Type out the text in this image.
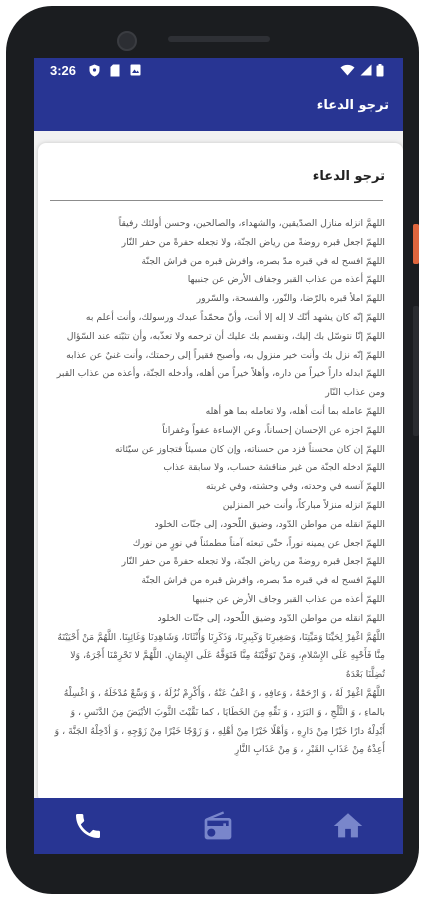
3:26
ترجو الدعاء
ترجو الدعاء

اللهمَّ انزله منازل الصدّيقين، والشهداء، والصالحين، وحسن أولئك رفيقاً

اللهمّ اجعل قبره روضةً من رياض الجنّة، ولا تجعله حفرةً من حفر النّار

اللهمّ افسح له في قبره مدّ بصره، وافرش قبره من فراش الجنّة

اللهمّ أعذه من عذاب القبر وجفاف الأرض عن جنبيها

اللهمّ املأ قبره بالرّضا، والنّور، والفسحة، والسّرور

اللهمّ إنّه كان يشهد أنّك لا إله إلا أنت، وأنّ محمّداً عبدك ورسولك، وأنت أعلم به

اللهمّ إنّا نتوسّل بك إليك، ونقسم بك عليك أن ترحمه ولا تعذّبه، وأن تثبّته عند السّؤال

اللهمّ إنّه نزل بك وأنت خير منزول به، وأصبح فقيراً إلى رحمتك، وأنت غنيٌ عن عذابه

اللهمّ ابدله داراً خيراً من داره، وأهلاً خيراً من أهله، وأدخله الجنّة، وأعذه من عذاب القبر ومن عذاب النّار

اللهمّ عامله بما أنت أهله، ولا تعامله بما هو أهله

اللهمّ اجزه عن الإحسان إحساناً، وعن الإساءة عفواً وغفراناً

اللهمّ إن كان محسناً فزد من حسناته، وإن كان مسيئاً فتجاوز عن سيّئاته

اللهمّ ادخله الجنّة من غير مناقشة حساب، ولا سابقة عذاب

اللهمّ آنسه في وحدته، وفي وحشته، وفي غربته

اللهمّ انزله منزلاً مباركاً، وأنت خير المنزلين

اللهمّ انقله من مواطن الدّود، وضيق اللّحود، إلى جنّات الخلود

اللهمّ اجعل عن يمينه نوراً، حتّى تبعثه آمناً مطمئناً في نورٍ من نورك

اللهمّ اجعل قبره روضةً من رياض الجنّة، ولا تجعله حفرةً من حفر النّار

اللهمّ افسح له في قبره مدّ بصره، وافرش قبره من فراش الجنّة

اللهمّ أعذه من عذاب القبر وجاف الأرض عن جنبيها

اللهمّ انقله من مواطن الدّود وضيق اللّحود، إلى جنّات الخلود

اللَّهُمَّ اغْفِرْ لِحَيِّنَا وَمَيِّتِنَا، وَصَغِيرِنَا وَكَبِيرِنَا، وَذَكَرِنَا وَأُنْثَانَا، وَشَاهِدِنَا وَغَائِبِنَا. اللَّهُمَّ مَنْ أَحْيَيْتَهُ مِنَّا فَأَحْيِهِ عَلَى الإِسْلامِ، وَمَنْ تَوَفَّيْتَهُ مِنَّا فَتَوَفَّهُ عَلَى الإِيمَانِ. اللَّهُمَّ لا تَحْرِمْنَا أَجْرَهُ، وَلا تُضِلَّنَا بَعْدَهُ

اللَّهُمَّ اغْفِرْ لَهُ ، وَ ارْحَمْهُ ، وَعافِهِ ، وَ اعْفُ عَنْهُ ، وَأَكْرِمْ نُزُلَهُ ، وَ وَسِّعْ مُدْخَلَهُ ، وَ اغْسِلْهُ بالماءِ ، وَ الثَّلْجِ ، وَ البَرَدِ ، وَ نَقِّهِ مِنَ الخَطَايَا ، كما نَقَّيْتَ الثَّوبَ الأبْيَضَ مِنَ الدَّنَسِ ، وَ أَبْدِلْهُ دارًا خَيْرًا مِنْ دَارِهِ ، وَأهْلًا خَيْرًا مِنْ أهْلِهِ ، وَ زَوْجًا خَيْرًا مِنْ زَوْجِهِ ، وَ أدْخِلْهُ الجَنَّةَ ، وَ أَعِذْهُ مِنْ عَذَابِ القَبْرِ ، وَ مِنْ عَذَابِ النَّارِ
